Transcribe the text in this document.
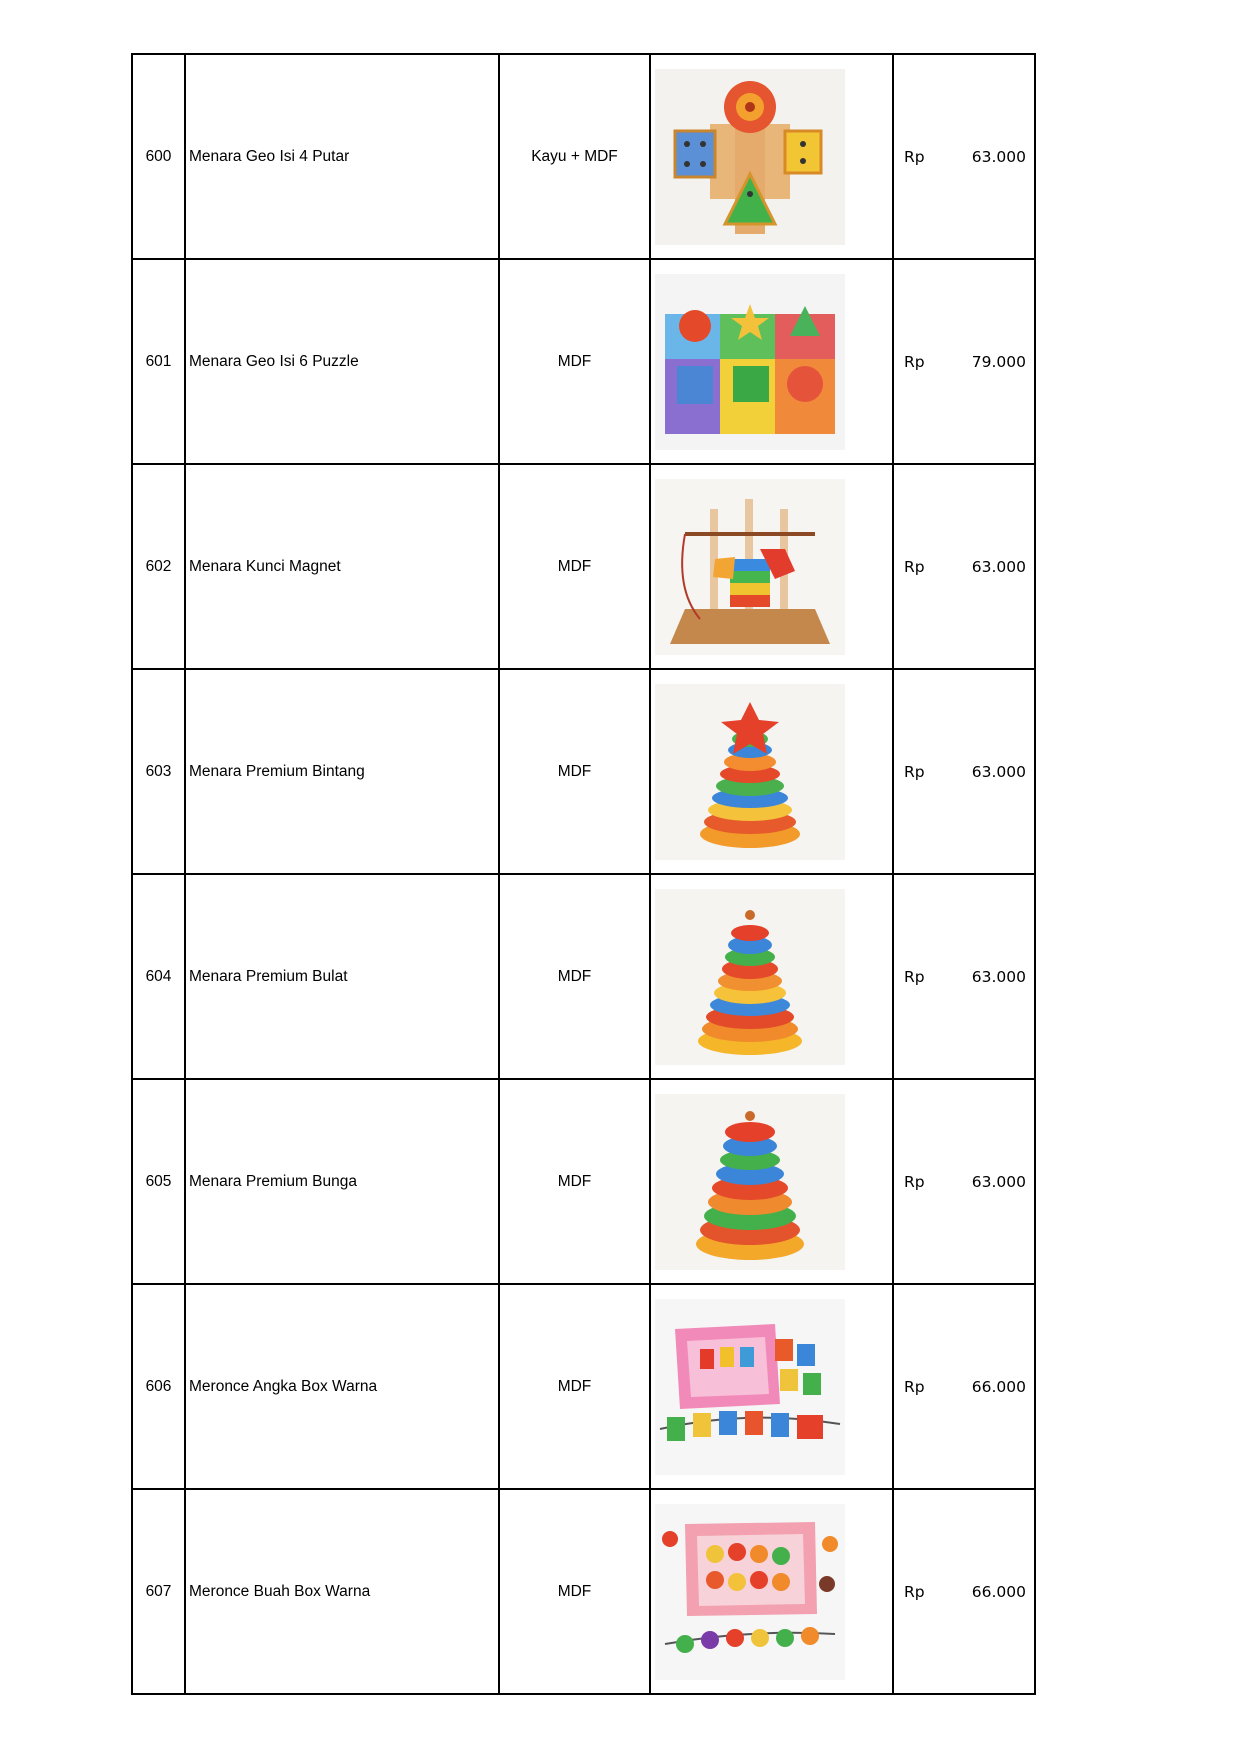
600	Menara Geo Isi 4 Putar	Kayu + MDF		Rp 63.000

601	Menara Geo Isi 6 Puzzle	MDF		Rp 79.000

602	Menara Kunci Magnet	MDF		Rp 63.000

603	Menara Premium Bintang	MDF		Rp 63.000

604	Menara Premium Bulat	MDF		Rp 63.000

605	Menara Premium Bunga	MDF		Rp 63.000

606	Meronce Angka Box Warna	MDF		Rp 66.000

607	Meronce Buah Box Warna	MDF		Rp 66.000
